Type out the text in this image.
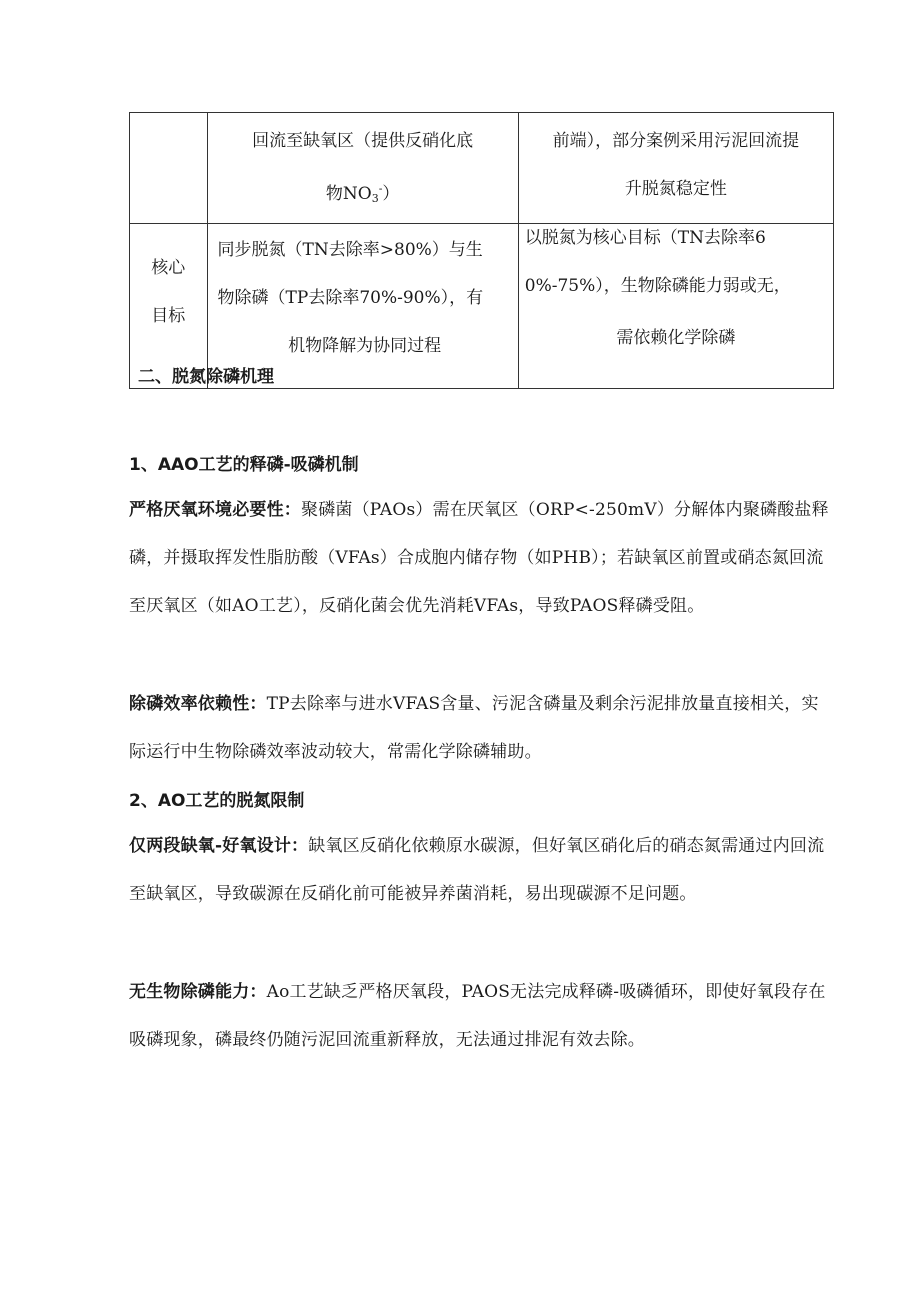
	回流至缺氧区（提供反硝化底
物$NO_3^-$）	前端），部分案例采用污泥回流提
升脱氮稳定性

核心
目标	同步脱氮（TN去除率>80%）与生
物除磷（TP去除率70%-90%），有
机物降解为协同过程	以脱氮为核心目标（TN去除率6
0%-75%），生物除磷能力弱或无，
需依赖化学除磷
二、脱氮除磷机理
1、AAO工艺的释磷-吸磷机制

严格厌氧环境必要性：聚磷菌（PAOs）需在厌氧区（ORP<-250mV）分解体内聚磷酸盐释磷，并摄取挥发性脂肪酸（VFAs）合成胞内储存物（如PHB）；若缺氧区前置或硝态氮回流至厌氧区（如AO工艺），反硝化菌会优先消耗VFAs，导致PAOS释磷受阻。

除磷效率依赖性：TP去除率与进水VFAS含量、污泥含磷量及剩余污泥排放量直接相关，实际运行中生物除磷效率波动较大，常需化学除磷辅助。

2、AO工艺的脱氮限制

仅两段缺氧-好氧设计：缺氧区反硝化依赖原水碳源，但好氧区硝化后的硝态氮需通过内回流至缺氧区，导致碳源在反硝化前可能被异养菌消耗，易出现碳源不足问题。

无生物除磷能力：Ao工艺缺乏严格厌氧段，PAOS无法完成释磷-吸磷循环，即使好氧段存在吸磷现象，磷最终仍随污泥回流重新释放，无法通过排泥有效去除。
